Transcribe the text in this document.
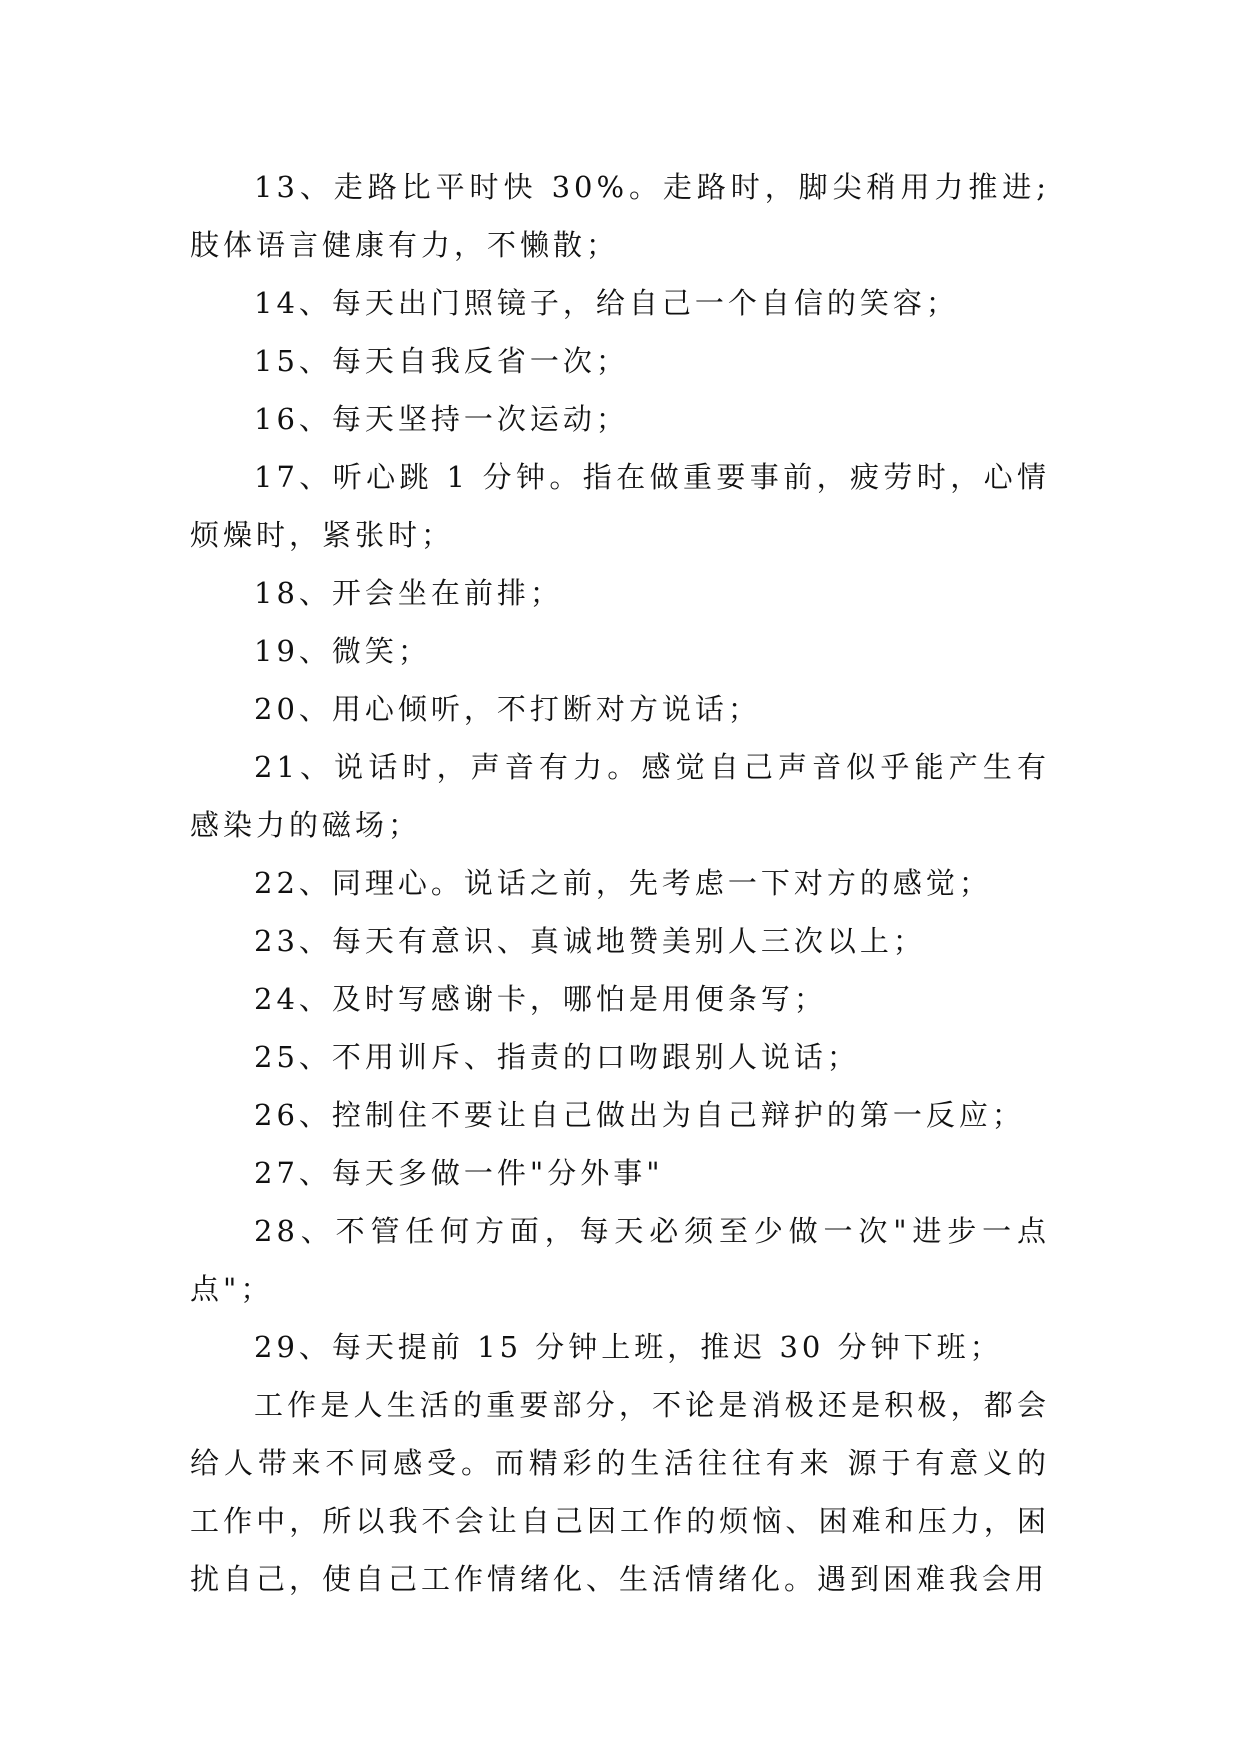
13、走路比平时快 30%。走路时，脚尖稍用力推进;肢体语言健康有力，不懒散；

14、每天出门照镜子，给自己一个自信的笑容；

15、每天自我反省一次；

16、每天坚持一次运动；

17、听心跳 1 分钟。指在做重要事前，疲劳时，心情烦燥时，紧张时；

18、开会坐在前排；

19、微笑；

20、用心倾听，不打断对方说话；

21、说话时，声音有力。感觉自己声音似乎能产生有感染力的磁场；

22、同理心。说话之前，先考虑一下对方的感觉；

23、每天有意识、真诚地赞美别人三次以上；

24、及时写感谢卡，哪怕是用便条写；

25、不用训斥、指责的口吻跟别人说话；

26、控制住不要让自己做出为自己辩护的第一反应；

27、每天多做一件"分外事"

28、不管任何方面，每天必须至少做一次"进步一点点"；

29、每天提前 15 分钟上班，推迟 30 分钟下班；

工作是人生活的重要部分，不论是消极还是积极，都会给人带来不同感受。而精彩的生活往往有来 源于有意义的工作中，所以我不会让自己因工作的烦恼、困难和压力，困扰自己，使自己工作情绪化、生活情绪化。遇到困难我会用
